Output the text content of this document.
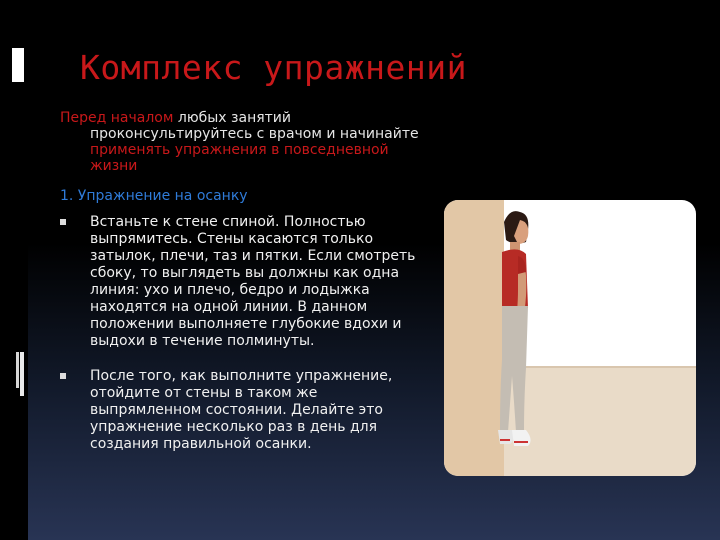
Комплекс упражнений
Перед началом любых занятий
проконсультируйтесь с врачом и начинайте
применять упражнения в повседневной
жизни
1. Упражнение на осанку
Встаньте к стене спиной. Полностью
выпрямитесь. Стены касаются только
затылок, плечи, таз и пятки. Если смотреть
сбоку, то выглядеть вы должны как одна
линия: ухо и плечо, бедро и лодыжка
находятся на одной линии. В данном
положении выполняете глубокие вдохи и
выдохи в течение полминуты.
После того, как выполните упражнение,
отойдите от стены в таком же
выпрямленном состоянии. Делайте это
упражнение несколько раз в день для
создания правильной осанки.
